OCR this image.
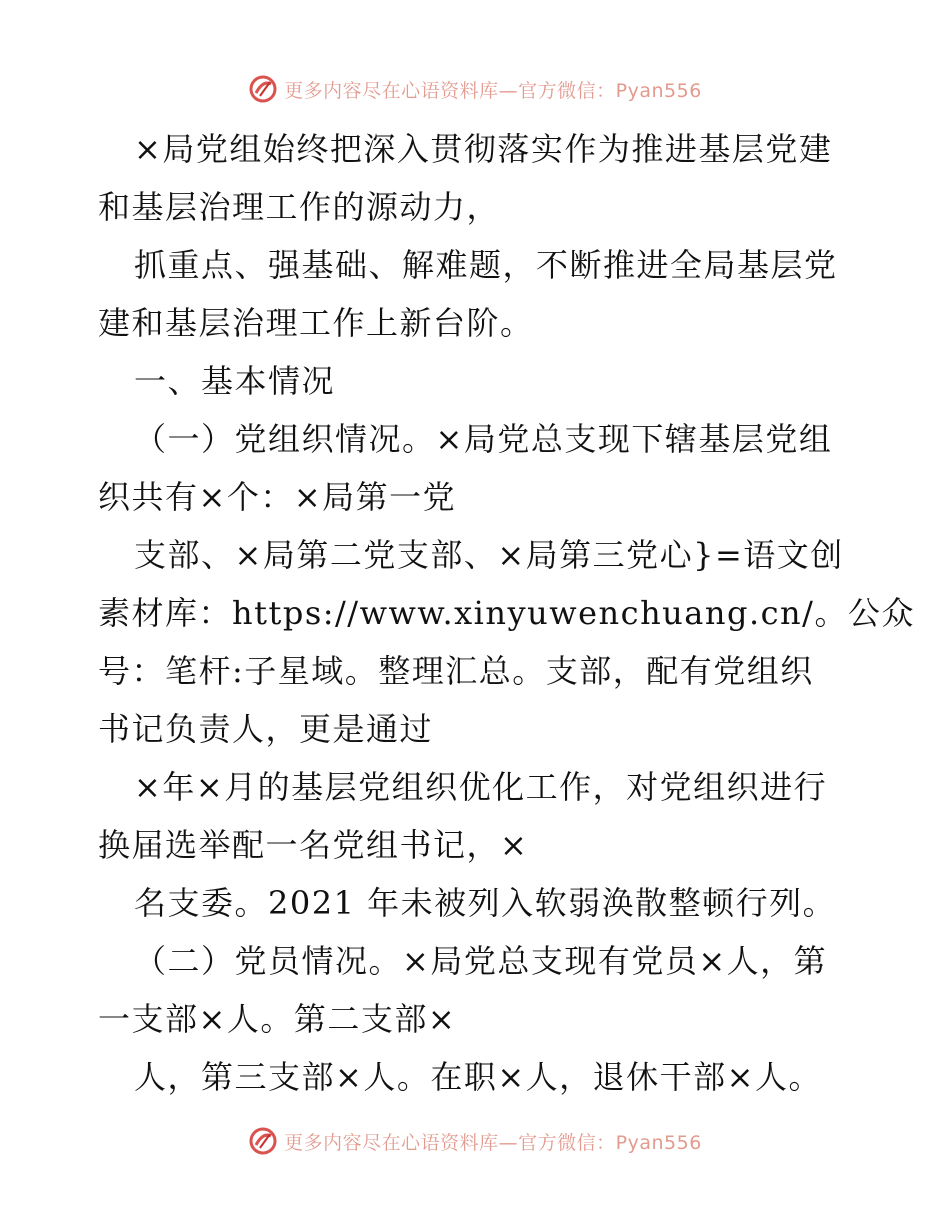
更多内容尽在心语资料库—官方微信：Pyan556
×局党组始终把深入贯彻落实作为推进基层党建
和基层治理工作的源动力，
抓重点、强基础、解难题，不断推进全局基层党
建和基层治理工作上新台阶。
一、基本情况
（一）党组织情况。×局党总支现下辖基层党组
织共有×个：×局第一党
支部、×局第二党支部、×局第三党心}=语文创
素材库：https://www.xinyuwenchuang.cn/。公众
号：笔杆:子星域。整理汇总。支部，配有党组织
书记负责人，更是通过
×年×月的基层党组织优化工作，对党组织进行
换届选举配一名党组书记，×
名支委。2021 年未被列入软弱涣散整顿行列。
（二）党员情况。×局党总支现有党员×人，第
一支部×人。第二支部×
人，第三支部×人。在职×人，退休干部×人。
更多内容尽在心语资料库—官方微信：Pyan556
